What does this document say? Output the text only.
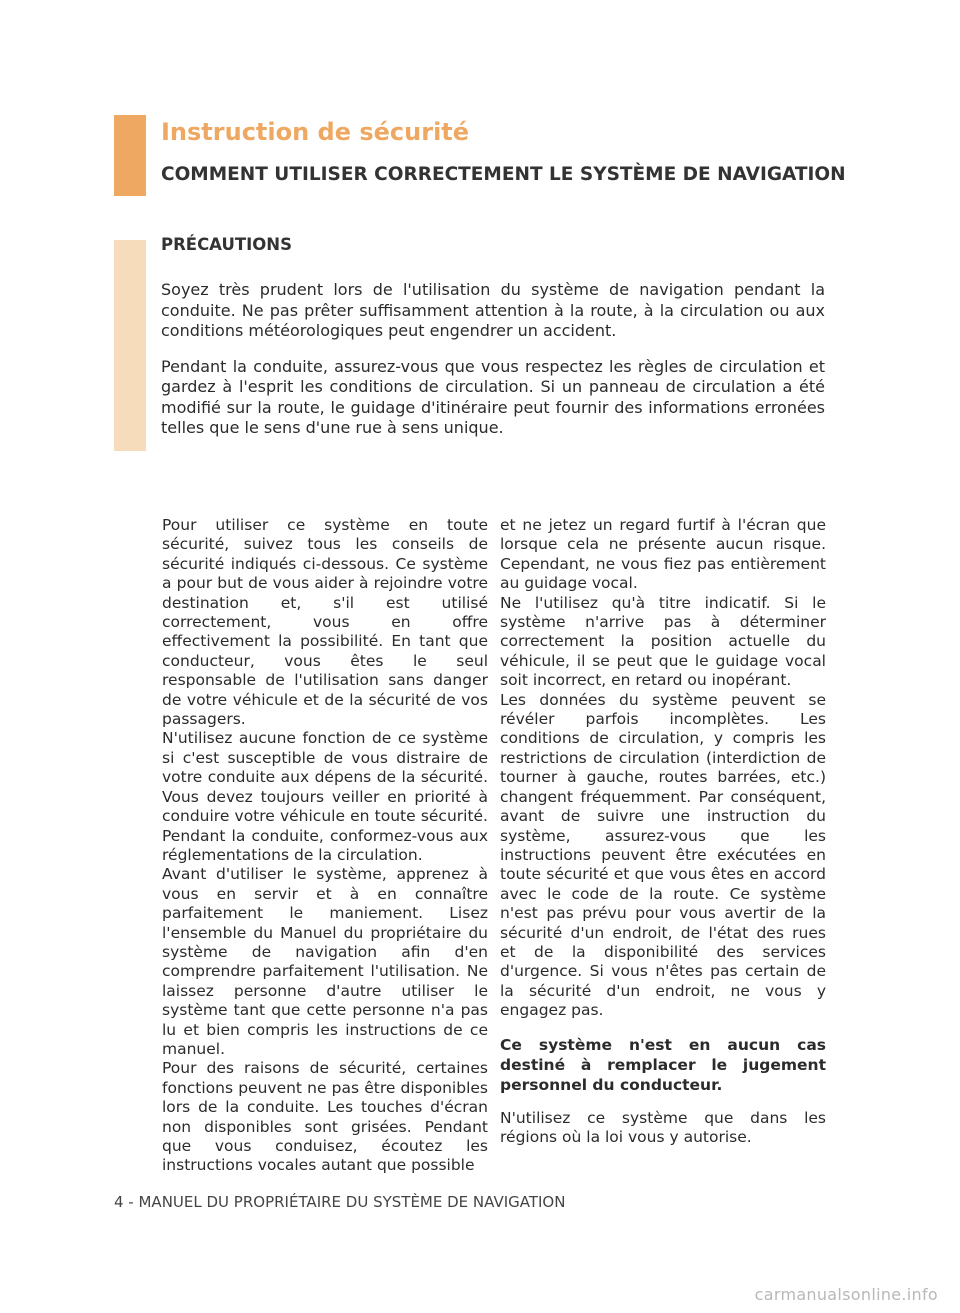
Instruction de sécurité
COMMENT UTILISER CORRECTEMENT LE SYSTÈME DE NAVIGATION
PRÉCAUTIONS

Soyez très prudent lors de l'utilisation du système de navigation pendant la conduite. Ne pas prêter suffisamment attention à la route, à la circulation ou aux conditions météorologiques peut engendrer un accident.

Pendant la conduite, assurez-vous que vous respectez les règles de circulation et gardez à l'esprit les conditions de circulation. Si un panneau de circulation a été modifié sur la route, le guidage d'itinéraire peut fournir des informations erronées telles que le sens d'une rue à sens unique.

Pour utiliser ce système en toute sécurité, suivez tous les conseils de sécurité indiqués ci-dessous. Ce système a pour but de vous aider à rejoindre votre destination et, s'il est utilisé correctement, vous en offre effectivement la possibilité. En tant que conducteur, vous êtes le seul responsable de l'utilisation sans danger de votre véhicule et de la sécurité de vos passagers.

N'utilisez aucune fonction de ce système si c'est susceptible de vous distraire de votre conduite aux dépens de la sécurité. Vous devez toujours veiller en priorité à conduire votre véhicule en toute sécurité. Pendant la conduite, conformez-vous aux réglementations de la circulation.

Avant d'utiliser le système, apprenez à vous en servir et à en connaître parfaitement le maniement. Lisez l'ensemble du Manuel du propriétaire du système de navigation afin d'en comprendre parfaitement l'utilisation. Ne laissez personne d'autre utiliser le système tant que cette personne n'a pas lu et bien compris les instructions de ce manuel.

Pour des raisons de sécurité, certaines fonctions peuvent ne pas être disponibles lors de la conduite. Les touches d'écran non disponibles sont grisées. Pendant que vous conduisez, écoutez les instructions vocales autant que possible

et ne jetez un regard furtif à l'écran que lorsque cela ne présente aucun risque. Cependant, ne vous fiez pas entièrement au guidage vocal.

Ne l'utilisez qu'à titre indicatif. Si le système n'arrive pas à déterminer correctement la position actuelle du véhicule, il se peut que le guidage vocal soit incorrect, en retard ou inopérant.

Les données du système peuvent se révéler parfois incomplètes. Les conditions de circulation, y compris les restrictions de circulation (interdiction de tourner à gauche, routes barrées, etc.) changent fréquemment. Par conséquent, avant de suivre une instruction du système, assurez-vous que les instructions peuvent être exécutées en toute sécurité et que vous êtes en accord avec le code de la route. Ce système n'est pas prévu pour vous avertir de la sécurité d'un endroit, de l'état des rues et de la disponibilité des services d'urgence. Si vous n'êtes pas certain de la sécurité d'un endroit, ne vous y engagez pas.

Ce système n'est en aucun cas destiné à remplacer le jugement personnel du conducteur.

N'utilisez ce système que dans les régions où la loi vous y autorise.

4 - MANUEL DU PROPRIÉTAIRE DU SYSTÈME DE NAVIGATION

carmanualsonline.info
